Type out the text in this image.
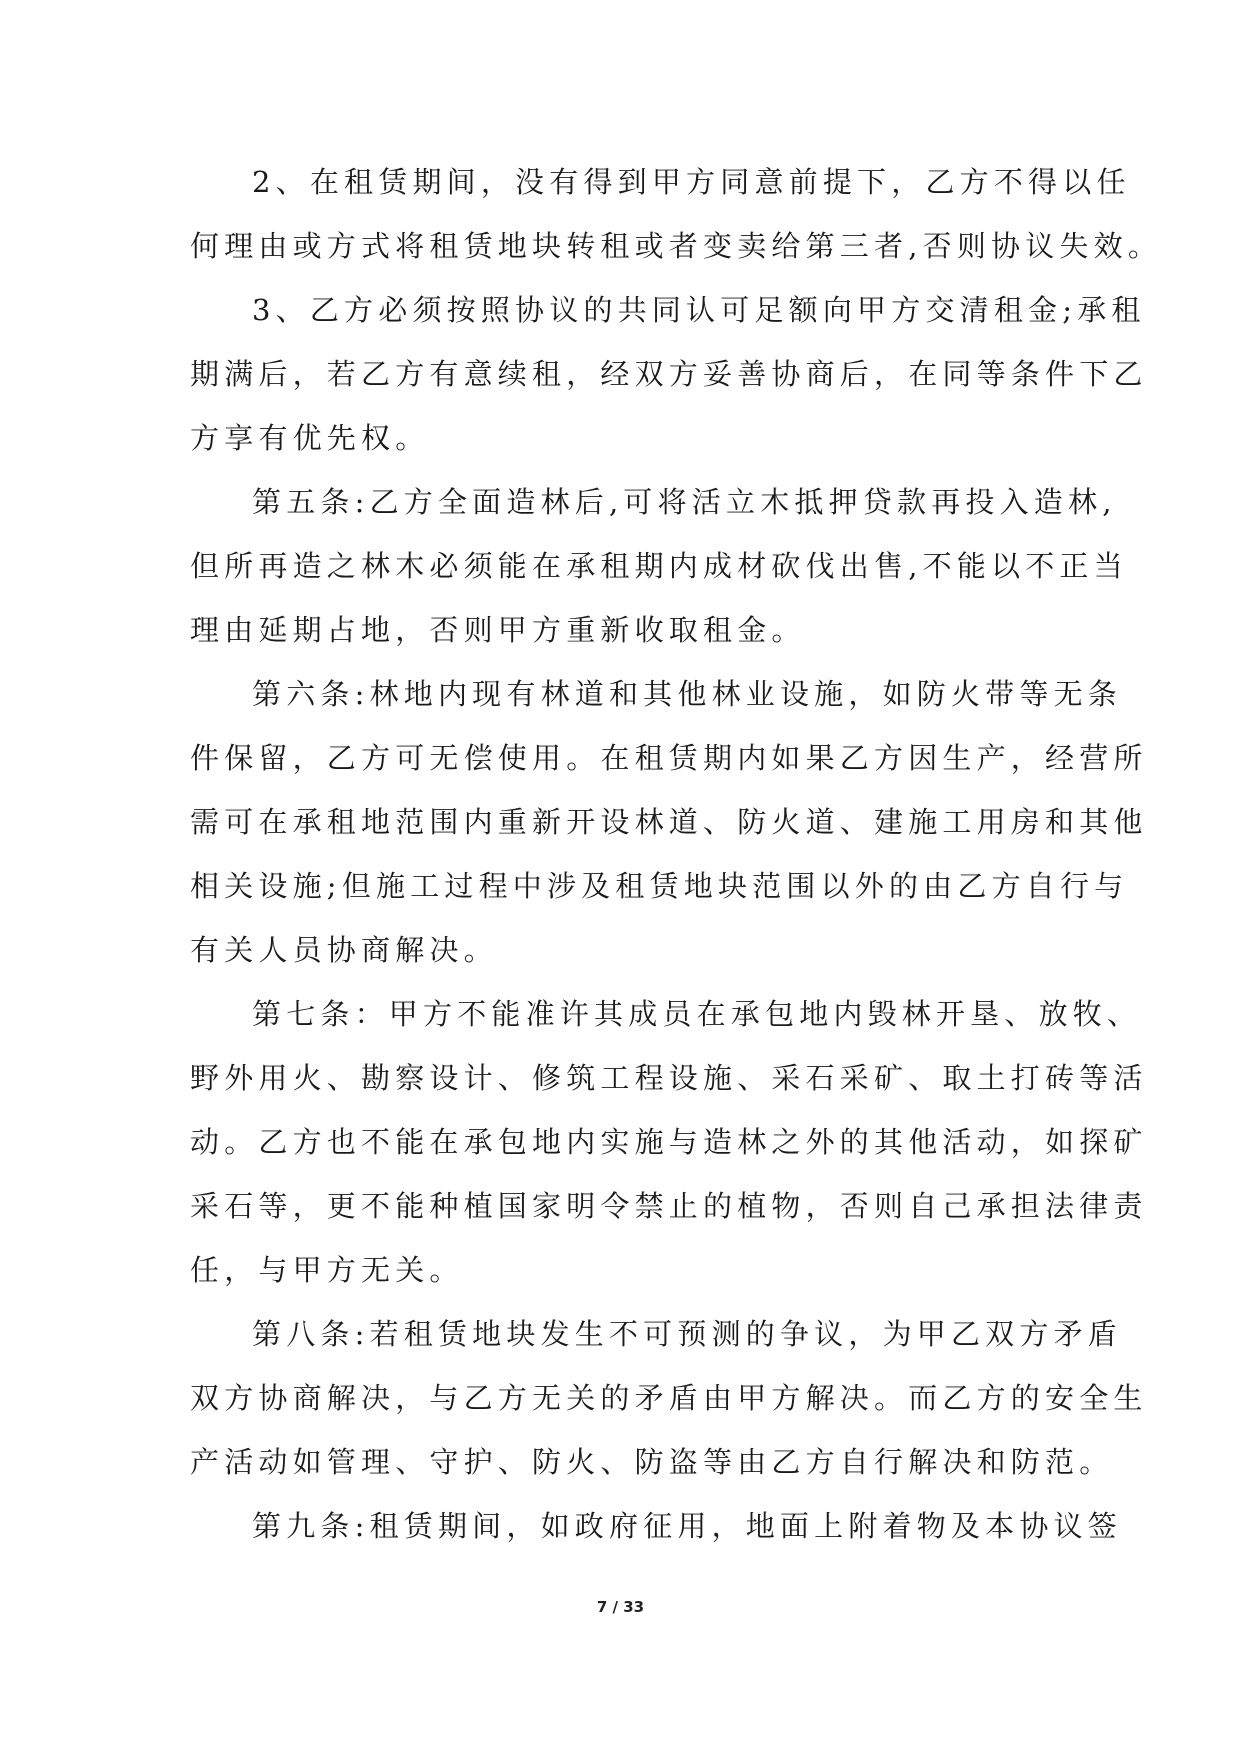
2、在租赁期间，没有得到甲方同意前提下，乙方不得以任
何理由或方式将租赁地块转租或者变卖给第三者,否则协议失效。
3、乙方必须按照协议的共同认可足额向甲方交清租金;承租
期满后，若乙方有意续租，经双方妥善协商后，在同等条件下乙
方享有优先权。
第五条:乙方全面造林后,可将活立木抵押贷款再投入造林,
但所再造之林木必须能在承租期内成材砍伐出售,不能以不正当
理由延期占地，否则甲方重新收取租金。
第六条:林地内现有林道和其他林业设施，如防火带等无条
件保留，乙方可无偿使用。在租赁期内如果乙方因生产，经营所
需可在承租地范围内重新开设林道、防火道、建施工用房和其他
相关设施;但施工过程中涉及租赁地块范围以外的由乙方自行与
有关人员协商解决。
第七条：甲方不能准许其成员在承包地内毁林开垦、放牧、
野外用火、勘察设计、修筑工程设施、采石采矿、取土打砖等活
动。乙方也不能在承包地内实施与造林之外的其他活动，如探矿
采石等，更不能种植国家明令禁止的植物，否则自己承担法律责
任，与甲方无关。
第八条:若租赁地块发生不可预测的争议，为甲乙双方矛盾
双方协商解决，与乙方无关的矛盾由甲方解决。而乙方的安全生
产活动如管理、守护、防火、防盗等由乙方自行解决和防范。
第九条:租赁期间，如政府征用，地面上附着物及本协议签
7 / 33
